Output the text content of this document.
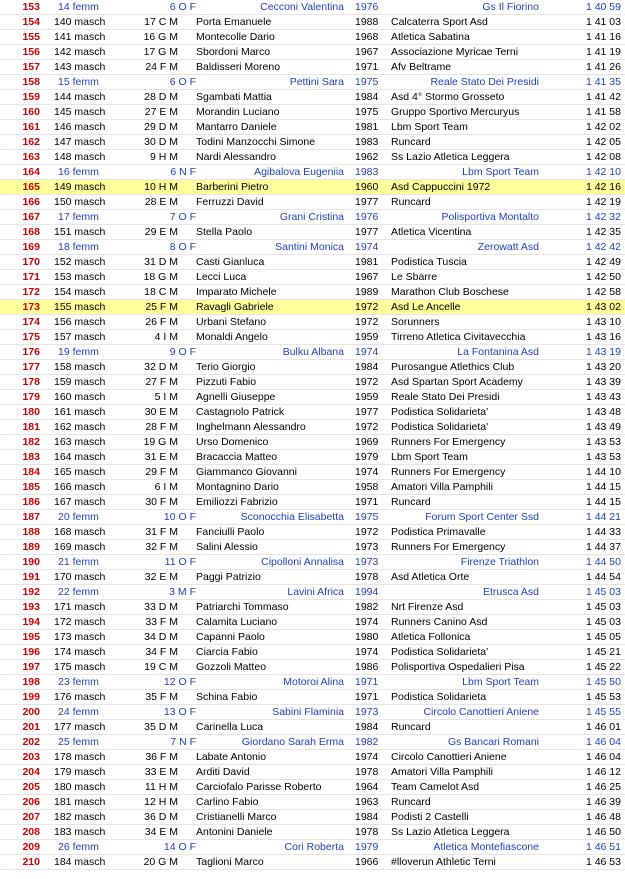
153 14 femm	6 O F	Cecconi Valentina 1976	Gs Il Fiorino	1 40 59
154 140 masch	17 C M Porta Emanuele	1988	Calcaterra Sport Asd	1 41 03
155 141 masch	16 G M Montecolle Dario	1968	Atletica Sabatina	1 41 16
156 142 masch	17 G M Sbordoni Marco	1967	Associazione Myricae Terni	1 41 19
157 143 masch	24 F M Baldisseri Moreno	1971	Afv Beltrame	1 41 26
158 15 femm	6 O F	Pettini Sara 1975	Reale Stato Dei Presidi	1 41 35
159 144 masch	28 D M Sgambati Mattia	1984	Asd 4° Stormo Grosseto	1 41 42
160 145 masch	27 E M Morandin Luciano	1975	Gruppo Sportivo Mercuryus	1 41 58
161 146 masch	29 D M Mantarro Daniele	1981	Lbm Sport Team	1 42 02
162 147 masch	30 D M Todini Manzocchi Simone	1983	Runcard	1 42 05
163 148 masch	9 H M Nardi Alessandro	1962	Ss Lazio Atletica Leggera	1 42 08
164 16 femm	6 N F	Agibalova Eugeniia 1983	Lbm Sport Team	1 42 10
165 149 masch	10 H M Barberini Pietro	1960	Asd Cappuccini 1972	1 42 16
166 150 masch	28 E M Ferruzzi David	1977	Runcard	1 42 19
167 17 femm	7 O F	Grani Cristina 1976	Polisportiva Montalto	1 42 32
168 151 masch	29 E M Stella Paolo	1977	Atletica Vicentina	1 42 35
169 18 femm	8 O F	Santini Monica 1974	Zerowatt Asd	1 42 42
170 152 masch	31 D M Casti Gianluca	1981	Podistica Tuscia	1 42 49
171 153 masch	18 G M Lecci Luca	1967	Le Sbarre	1 42 50
172 154 masch	18 C M Imparato Michele	1989	Marathon Club Boschese	1 42 58
173 155 masch	25 F M Ravagli Gabriele	1972	Asd Le Ancelle	1 43 02
174 156 masch	26 F M Urbani Stefano	1972	Sorunners	1 43 10
175 157 masch	4 I M Monaldi Angelo	1959	Tirreno Atletica Civitavecchia	1 43 16
176 19 femm	9 O F	Bulku Albana 1974	La Fontanina Asd	1 43 19
177 158 masch	32 D M Terio Giorgio	1984	Purosangue Atlethics Club	1 43 20
178 159 masch	27 F M Pizzuti Fabio	1972	Asd Spartan Sport Academy	1 43 39
179 160 masch	5 I M Agnelli Giuseppe	1959	Reale Stato Dei Presidi	1 43 43
180 161 masch	30 E M Castagnolo Patrick	1977	Podistica Solidarieta'	1 43 48
181 162 masch	28 F M Inghelmann Alessandro	1972	Podistica Solidarieta'	1 43 49
182 163 masch	19 G M Urso Domenico	1969	Runners For Emergency	1 43 53
183 164 masch	31 E M Bracaccia Matteo	1979	Lbm Sport Team	1 43 53
184 165 masch	29 F M Giammanco Giovanni	1974	Runners For Emergency	1 44 10
185 166 masch	6 I M Montagnino Dario	1958	Amatori Villa Pamphili	1 44 15
186 167 masch	30 F M Emiliozzi Fabrizio	1971	Runcard	1 44 15
187 20 femm	10 O F	Sconocchia Elisabetta 1975	Forum Sport Center Ssd	1 44 21
188 168 masch	31 F M Fanciulli Paolo	1972	Podistica Primavalle	1 44 33
189 169 masch	32 F M Salini Alessio	1973	Runners For Emergency	1 44 37
190 21 femm	11 O F	Cipolloni Annalisa 1973	Firenze Triathlon	1 44 50
191 170 masch	32 E M Paggi Patrizio	1978	Asd Atletica Orte	1 44 54
192 22 femm	3 M F	Lavini Africa 1994	Etrusca Asd	1 45 03
193 171 masch	33 D M Patriarchi Tommaso	1982	Nrt Firenze Asd	1 45 03
194 172 masch	33 F M Calamita Luciano	1974	Runners Canino Asd	1 45 03
195 173 masch	34 D M Capanni Paolo	1980	Atletica Follonica	1 45 05
196 174 masch	34 F M Ciarcia Fabio	1974	Podistica Solidarieta'	1 45 21
197 175 masch	19 C M Gozzoli Matteo	1986	Polisportiva Ospedalieri Pisa	1 45 22
198 23 femm	12 O F	Motoroi Alina 1971	Lbm Sport Team	1 45 50
199 176 masch	35 F M Schina Fabio	1971	Podistica Solidarieta	1 45 53
200 24 femm	13 O F	Sabini Flaminia 1973	Circolo Canottieri Aniene	1 45 55
201 177 masch	35 D M Carinella Luca	1984	Runcard	1 46 01
202 25 femm	7 N F	Giordano Sarah Erma 1982	Gs Bancari Romani	1 46 04
203 178 masch	36 F M Labate Antonio	1974	Circolo Canottieri Aniene	1 46 04
204 179 masch	33 E M Arditi David	1978	Amatori Villa Pamphili	1 46 12
205 180 masch	11 H M Carciofalo Parisse Roberto	1964	Team Camelot Asd	1 46 25
206 181 masch	12 H M Carlino Fabio	1963	Runcard	1 46 39
207 182 masch	36 D M Cristianelli Marco	1984	Podisti 2 Castelli	1 46 48
208 183 masch	34 E M Antonini Daniele	1978	Ss Lazio Atletica Leggera	1 46 50
209 26 femm	14 O F	Cori Roberta 1979	Atletica Montefiascone	1 46 51
210 184 masch	20 G M Taglioni Marco	1966	#lloverun Athletic Terni	1 46 53
